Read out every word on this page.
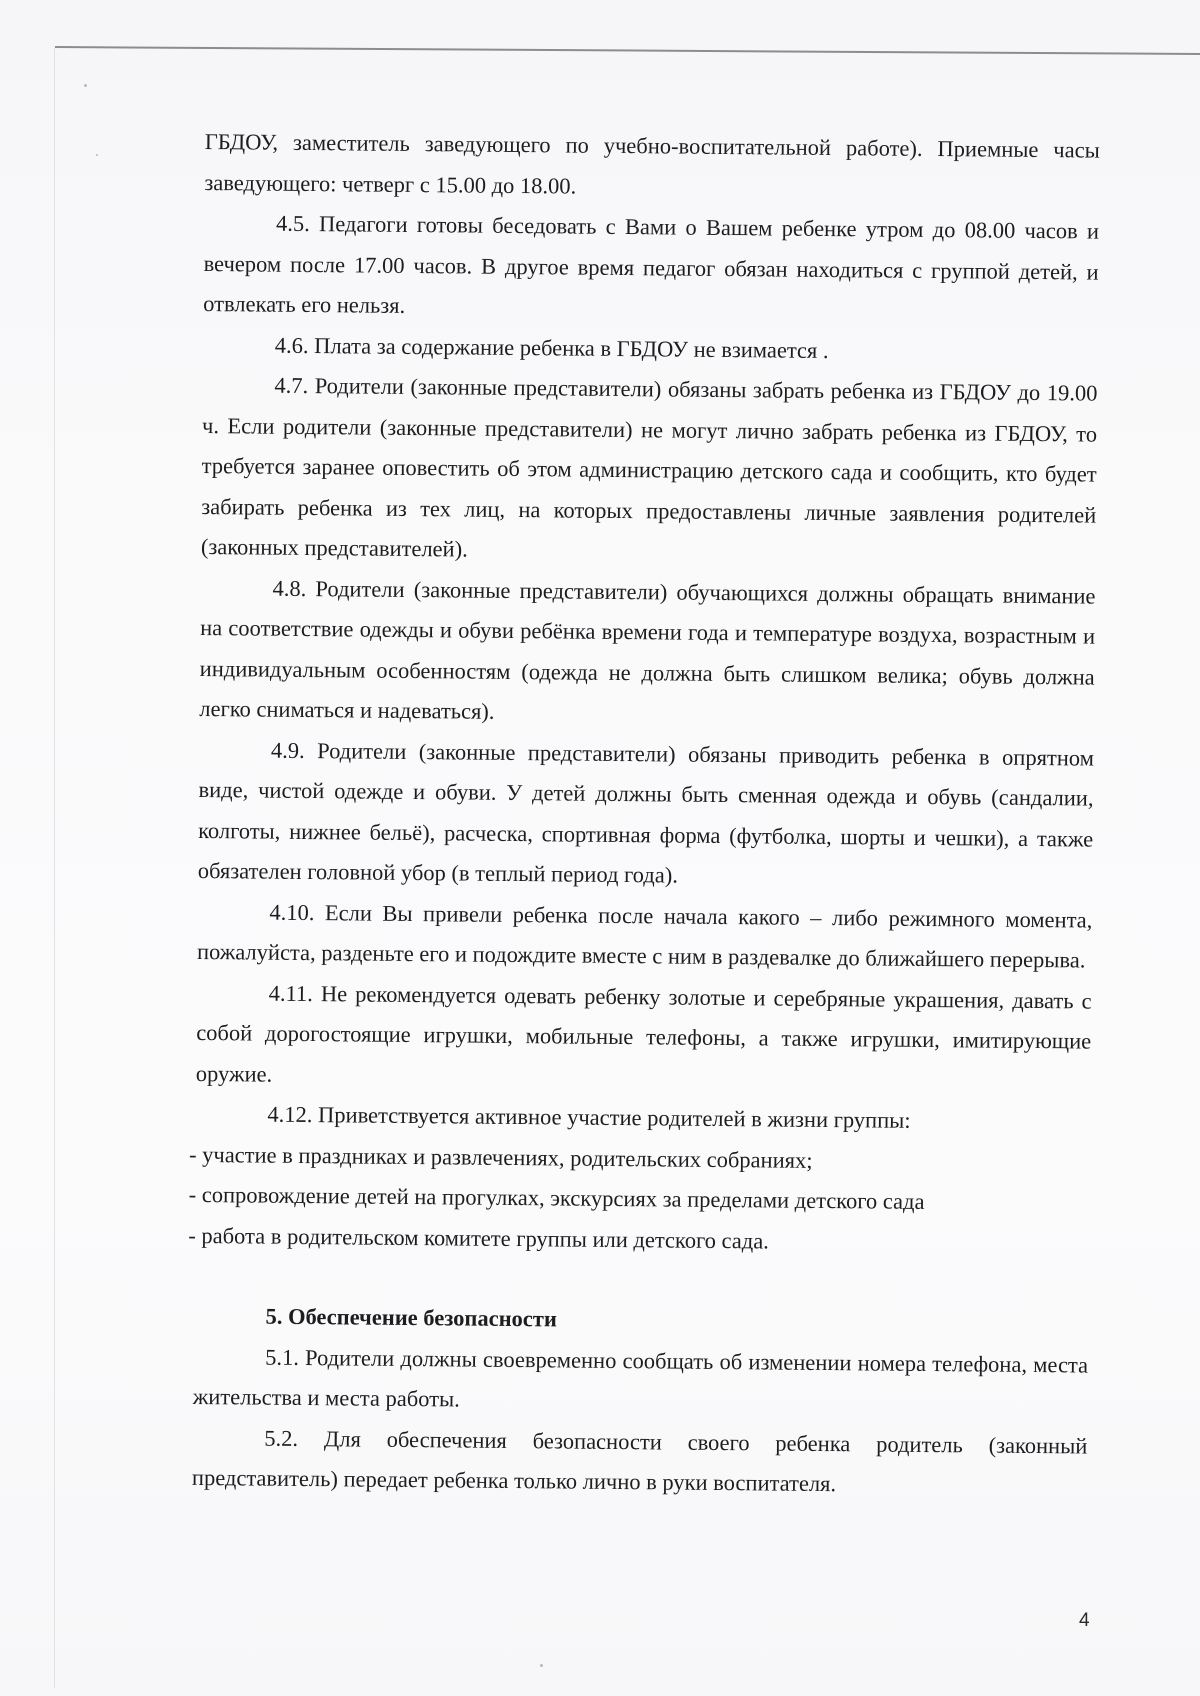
ГБДОУ, заместитель заведующего по учебно-воспитательной работе). Приемные часы заведующего: четверг с 15.00 до 18.00.

4.5. Педагоги готовы беседовать с Вами о Вашем ребенке утром до 08.00 часов и вечером после 17.00 часов. В другое время педагог обязан находиться с группой детей, и отвлекать его нельзя.

4.6. Плата за содержание ребенка в ГБДОУ не взимается .

4.7. Родители (законные представители) обязаны забрать ребенка из ГБДОУ до 19.00 ч. Если родители (законные представители) не могут лично забрать ребенка из ГБДОУ, то требуется заранее оповестить об этом администрацию детского сада и сообщить, кто будет забирать ребенка из тех лиц, на которых предоставлены личные заявления родителей (законных представителей).

4.8. Родители (законные представители) обучающихся должны обращать внимание на соответствие одежды и обуви ребёнка времени года и температуре воздуха, возрастным и индивидуальным особенностям (одежда не должна быть слишком велика; обувь должна легко сниматься и надеваться).

4.9. Родители (законные представители) обязаны приводить ребенка в опрятном виде, чистой одежде и обуви. У детей должны быть сменная одежда и обувь (сандалии, колготы, нижнее бельё), расческа, спортивная форма (футболка, шорты и чешки), а также обязателен головной убор (в теплый период года).

4.10. Если Вы привели ребенка после начала какого – либо режимного момента, пожалуйста, разденьте его и подождите вместе с ним в раздевалке до ближайшего перерыва.

4.11. Не рекомендуется одевать ребенку золотые и серебряные украшения, давать с собой дорогостоящие игрушки, мобильные телефоны, а также игрушки, имитирующие оружие.

4.12. Приветствуется активное участие родителей в жизни группы:

- участие в праздниках и развлечениях, родительских собраниях;

- сопровождение детей на прогулках, экскурсиях за пределами детского сада

- работа в родительском комитете группы или детского сада.

5. Обеспечение безопасности

5.1. Родители должны своевременно сообщать об изменении номера телефона, места жительства и места работы.

5.2. Для обеспечения безопасности своего ребенка родитель (законный представитель) передает ребенка только лично в руки воспитателя.

4
